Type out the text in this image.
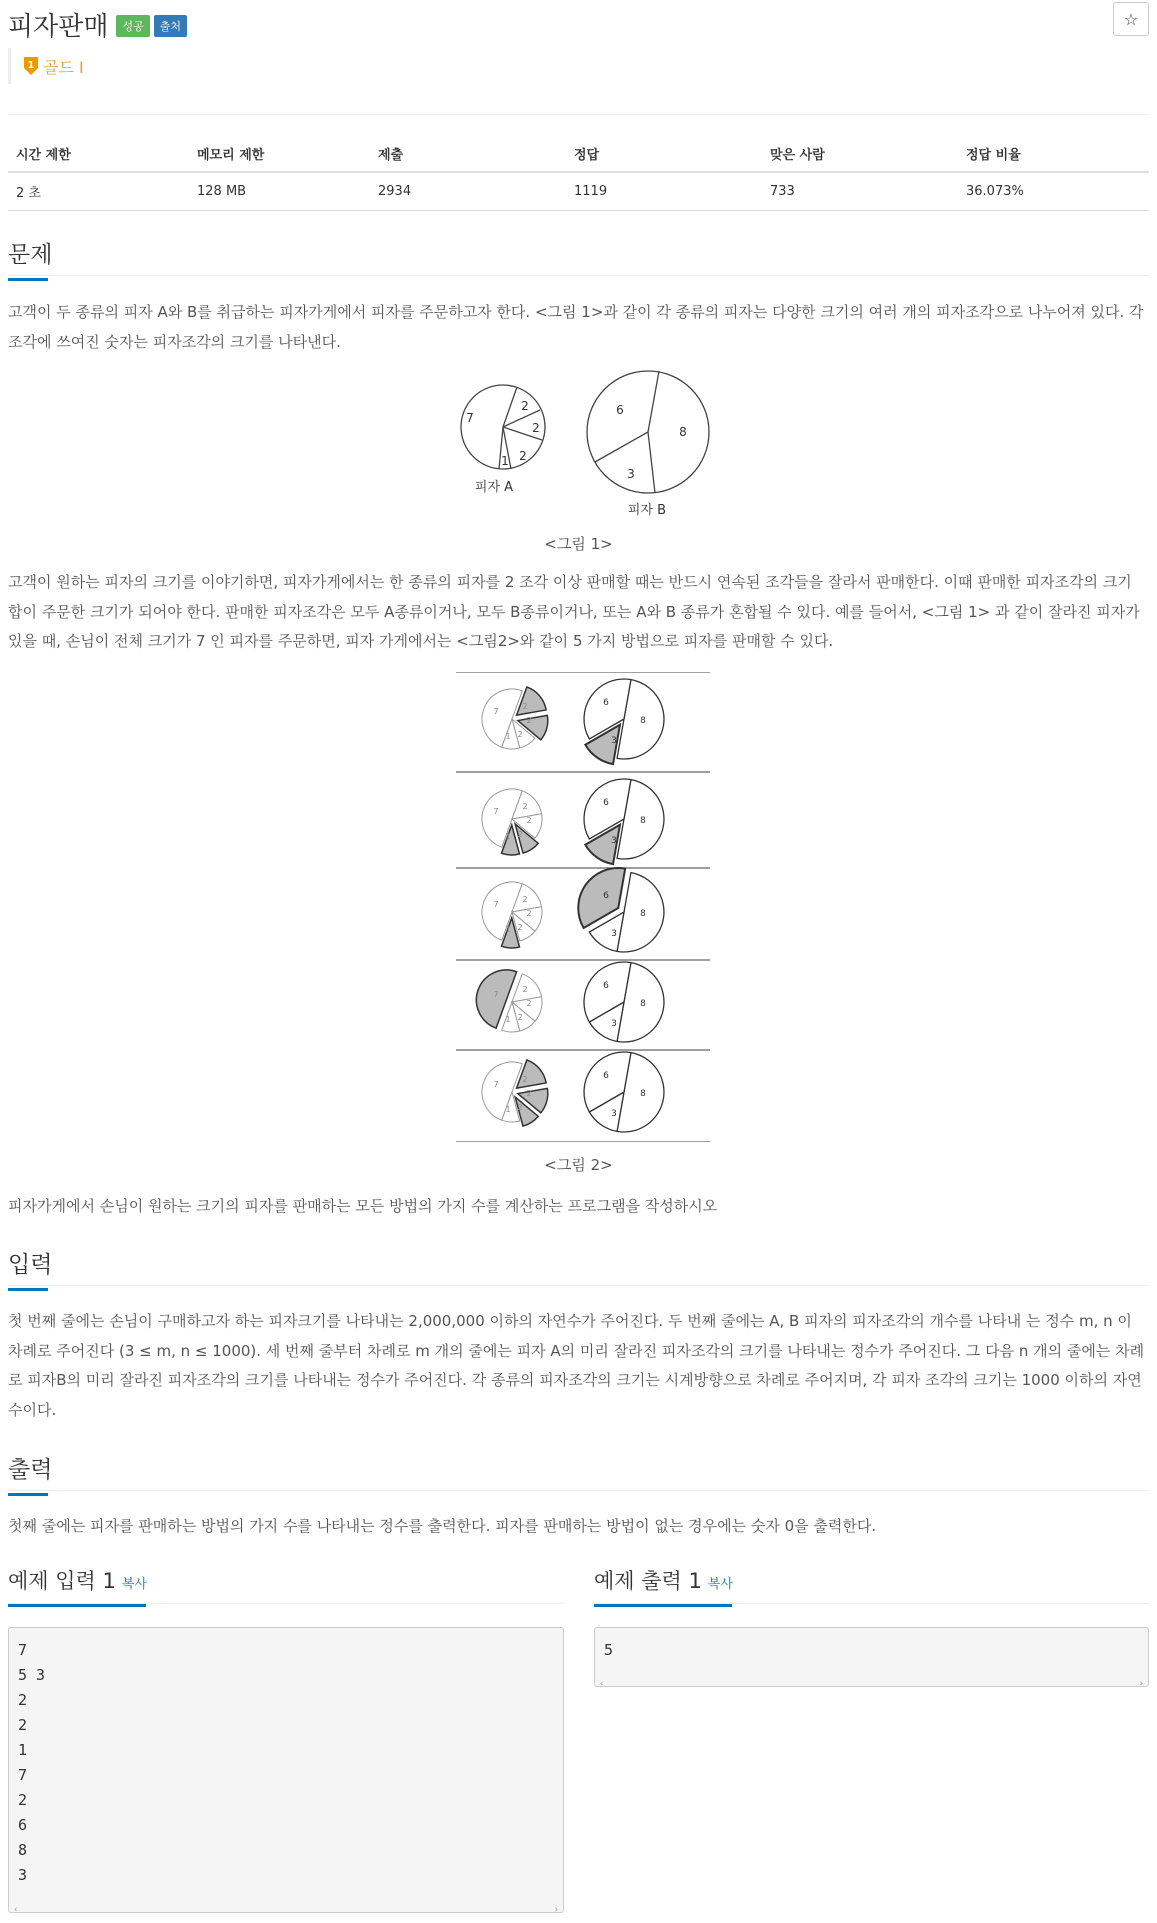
피자판매	성공	출처	☆
1 골드 I
시간 제한	메모리 제한	제출	정답	맞은 사람	정답 비율
2 초	128 MB	2934	1119	733	36.073%
문제
고객이 두 종류의 피자 A와 B를 취급하는 피자가게에서 피자를 주문하고자 한다. <그림 1>과 같이 각 종류의 피자는 다양한 크기의 여러 개의 피자조각으로 나누어져 있다. 각 조각에 쓰여진 숫자는 피자조각의 크기를 나타낸다.
7
2
2
2
1
피자 A
6
8
3
피자 B
<그림 1>
고객이 원하는 피자의 크기를 이야기하면, 피자가게에서는 한 종류의 피자를 2 조각 이상 판매할 때는 반드시 연속된 조각들을 잘라서 판매한다. 이때 판매한 피자조각의 크기 합이 주문한 크기가 되어야 한다. 판매한 피자조각은 모두 A종류이거나, 모두 B종류이거나, 또는 A와 B 종류가 혼합될 수 있다. 예를 들어서, <그림 1> 과 같이 잘라진 피자가 있을 때, 손님이 전체 크기가 7 인 피자를 주문하면, 피자 가게에서는 <그림2>와 같이 5 가지 방법으로 피자를 판매할 수 있다.
7
2
2
2
1
6
8
3
7
2
2
2
1
6
8
3
7
2
2
2
1
6
8
3
7
2
2
2
1
6
8
3
7
2
2
2
1
6
8
3
<그림 2>
피자가게에서 손님이 원하는 크기의 피자를 판매하는 모든 방법의 가지 수를 계산하는 프로그램을 작성하시오
입력
첫 번째 줄에는 손님이 구매하고자 하는 피자크기를 나타내는 2,000,000 이하의 자연수가 주어진다. 두 번째 줄에는 A, B 피자의 피자조각의 개수를 나타내 는 정수 m, n 이 차례로 주어진다 (3 ≤ m, n ≤ 1000). 세 번째 줄부터 차례로 m 개의 줄에는 피자 A의 미리 잘라진 피자조각의 크기를 나타내는 정수가 주어진다. 그 다음 n 개의 줄에는 차례로 피자B의 미리 잘라진 피자조각의 크기를 나타내는 정수가 주어진다. 각 종류의 피자조각의 크기는 시계방향으로 차례로 주어지며, 각 피자 조각의 크기는 1000 이하의 자연수이다.
출력
첫째 줄에는 피자를 판매하는 방법의 가지 수를 나타내는 정수를 출력한다. 피자를 판매하는 방법이 없는 경우에는 숫자 0을 출력한다.
예제 입력 1 복사	예제 출력 1 복사
7
5 3
2
2
1
7
2
6
8
3
‹	›
5
‹	›
